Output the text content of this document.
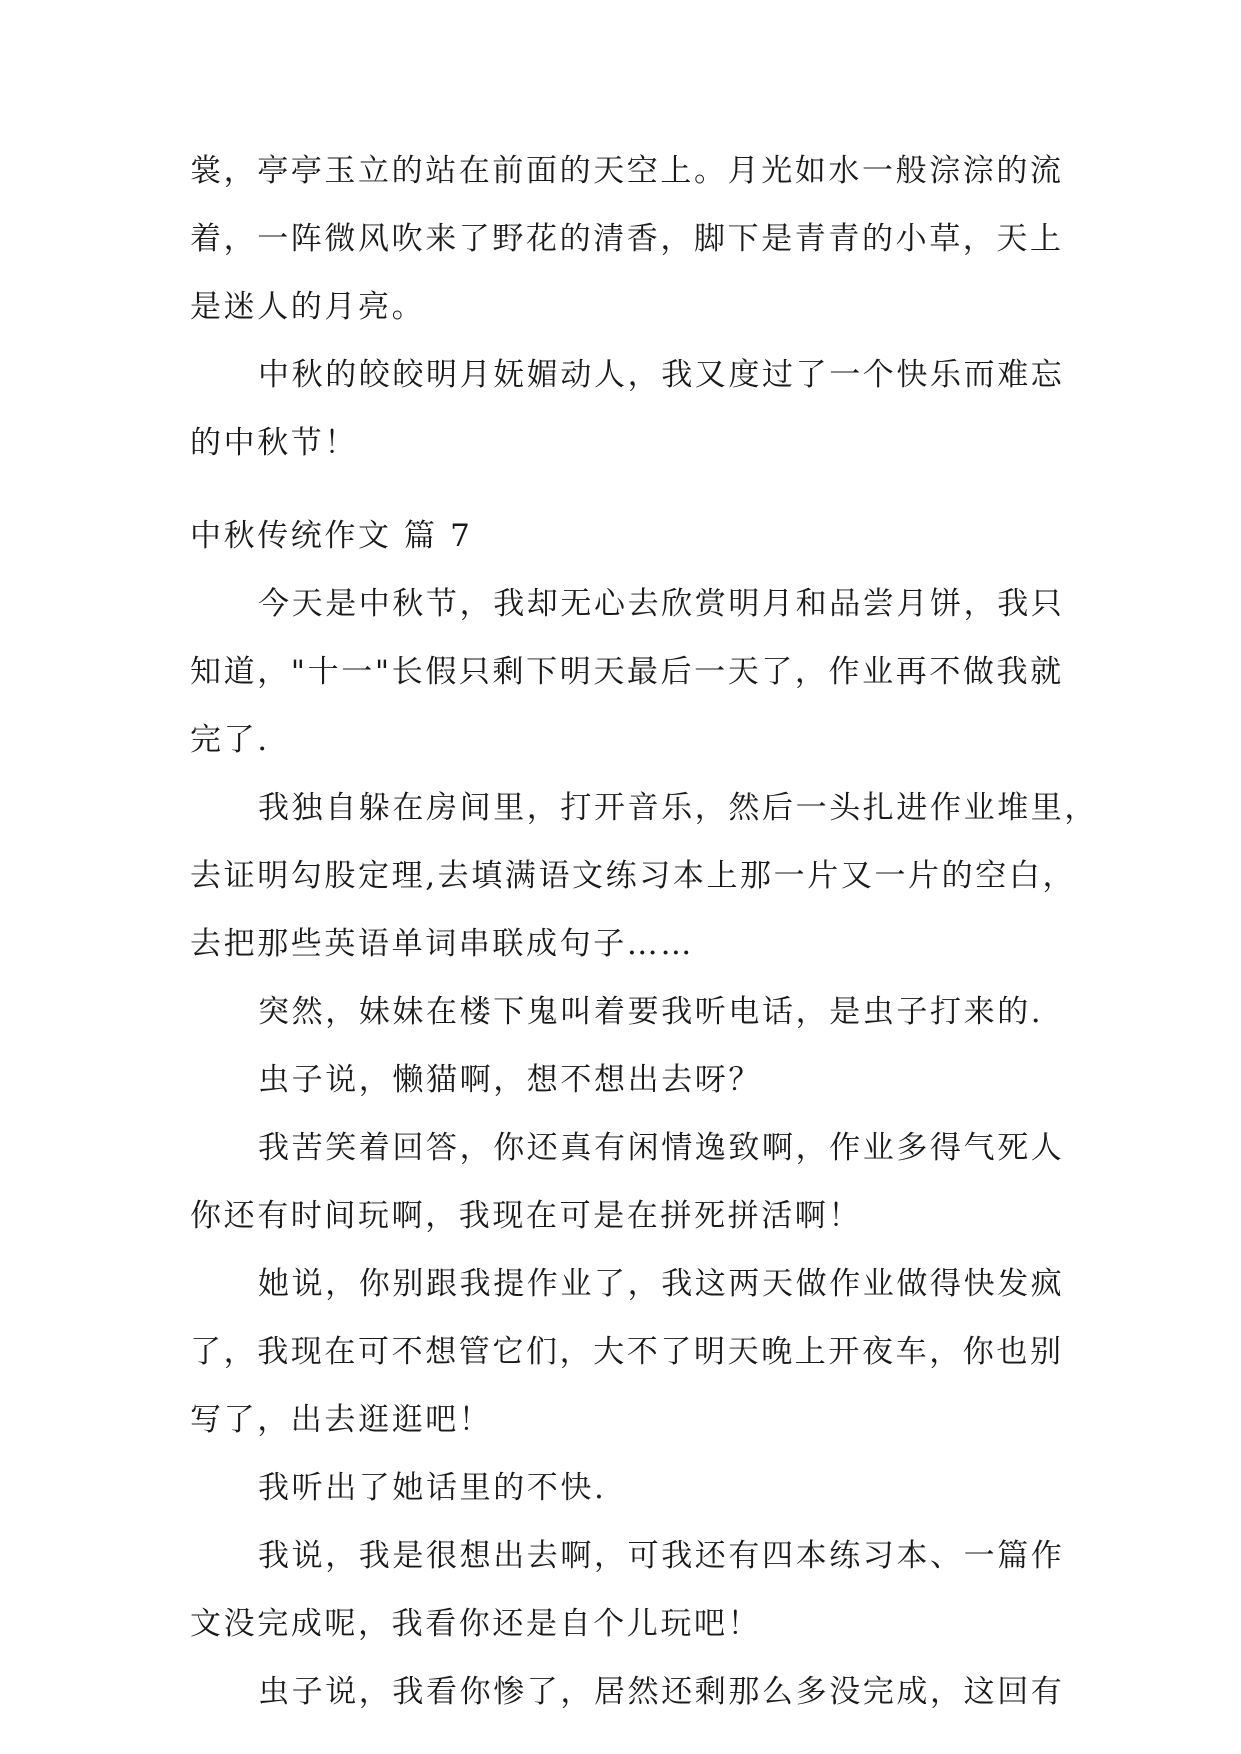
裳，亭亭玉立的站在前面的天空上。月光如水一般淙淙的流
着，一阵微风吹来了野花的清香，脚下是青青的小草，天上
是迷人的月亮。
中秋的皎皎明月妩媚动人，我又度过了一个快乐而难忘
的中秋节！
中秋传统作文 篇 7
今天是中秋节，我却无心去欣赏明月和品尝月饼，我只
知道，"十一"长假只剩下明天最后一天了，作业再不做我就
完了.
我独自躲在房间里，打开音乐，然后一头扎进作业堆里，
去证明勾股定理,去填满语文练习本上那一片又一片的空白，
去把那些英语单词串联成句子……
突然，妹妹在楼下鬼叫着要我听电话，是虫子打来的.
虫子说，懒猫啊，想不想出去呀？
我苦笑着回答，你还真有闲情逸致啊，作业多得气死人
你还有时间玩啊，我现在可是在拼死拼活啊！
她说，你别跟我提作业了，我这两天做作业做得快发疯
了，我现在可不想管它们，大不了明天晚上开夜车，你也别
写了，出去逛逛吧！
我听出了她话里的不快.
我说，我是很想出去啊，可我还有四本练习本、一篇作
文没完成呢，我看你还是自个儿玩吧！
虫子说，我看你惨了，居然还剩那么多没完成，这回有
